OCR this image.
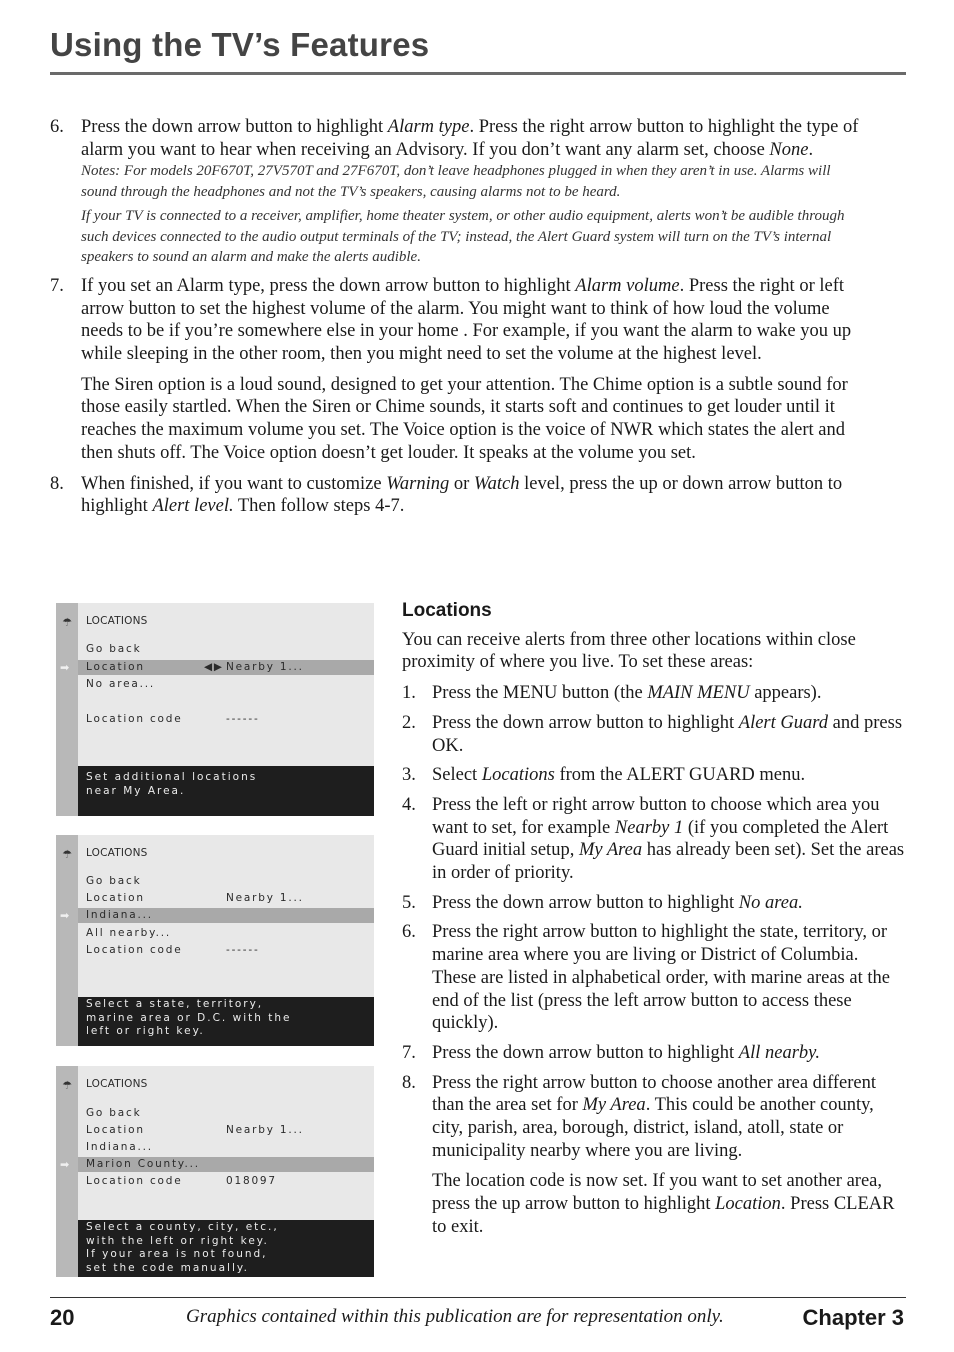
Using the TV’s Features
6. Press the down arrow button to highlight Alarm type. Press the right arrow button to highlight the type of alarm you want to hear when receiving an Advisory. If you don’t want any alarm set, choose None.

Notes: For models 20F670T, 27V570T and 27F670T, don’t leave headphones plugged in when they aren’t in use. Alarms will sound through the headphones and not the TV’s speakers, causing alarms not to be heard.

If your TV is connected to a receiver, amplifier, home theater system, or other audio equipment, alerts won’t be audible through such devices connected to the audio output terminals of the TV; instead, the Alert Guard system will turn on the TV’s internal speakers to sound an alarm and make the alerts audible.

7. If you set an Alarm type, press the down arrow button to highlight Alarm volume. Press the right or left arrow button to set the highest volume of the alarm. You might want to think of how loud the volume needs to be if you’re somewhere else in your home . For example, if you want the alarm to wake you up while sleeping in the other room, then you might need to set the volume at the highest level.

The Siren option is a loud sound, designed to get your attention. The Chime option is a subtle sound for those easily startled. When the Siren or Chime sounds, it starts soft and continues to get louder until it reaches the maximum volume you set. The Voice option is the voice of NWR which states the alert and then shuts off. The Voice option doesn’t get louder. It speaks at the volume you set.

8. When finished, if you want to customize Warning or Watch level, press the up or down arrow button to highlight Alert level. Then follow steps 4-7.

☂ LOCATIONS
Go back
➡ Location	◀▶ Nearby 1...
No area...
Location code	------
Set additional locations
near My Area.
☂ LOCATIONS
Go back
Location	Nearby 1...
➡ Indiana...
All nearby...
Location code	------
Select a state, territory,
marine area or D.C. with the
left or right key.
☂ LOCATIONS
Go back
Location	Nearby 1...
Indiana...
➡ Marion County...
Location code	018097
Select a county, city, etc.,
with the left or right key.
If your area is not found,
set the code manually.
Locations

You can receive alerts from three other locations within close proximity of where you live. To set these areas:

1. Press the MENU button (the MAIN MENU appears).

2. Press the down arrow button to highlight Alert Guard and press OK.

3. Select Locations from the ALERT GUARD menu.

4. Press the left or right arrow button to choose which area you want to set, for example Nearby 1 (if you completed the Alert Guard initial setup, My Area has already been set). Set the areas in order of priority.

5. Press the down arrow button to highlight No area.

6. Press the right arrow button to highlight the state, territory, or marine area where you are living or District of Columbia. These are listed in alphabetical order, with marine areas at the end of the list (press the left arrow button to access these quickly).

7. Press the down arrow button to highlight All nearby.

8. Press the right arrow button to choose another area different than the area set for My Area. This could be another county, city, parish, area, borough, district, island, atoll, state or municipality nearby where you are living.

The location code is now set. If you want to set another area, press the up arrow button to highlight Location. Press CLEAR to exit.

20	Graphics contained within this publication are for representation only.	Chapter 3
